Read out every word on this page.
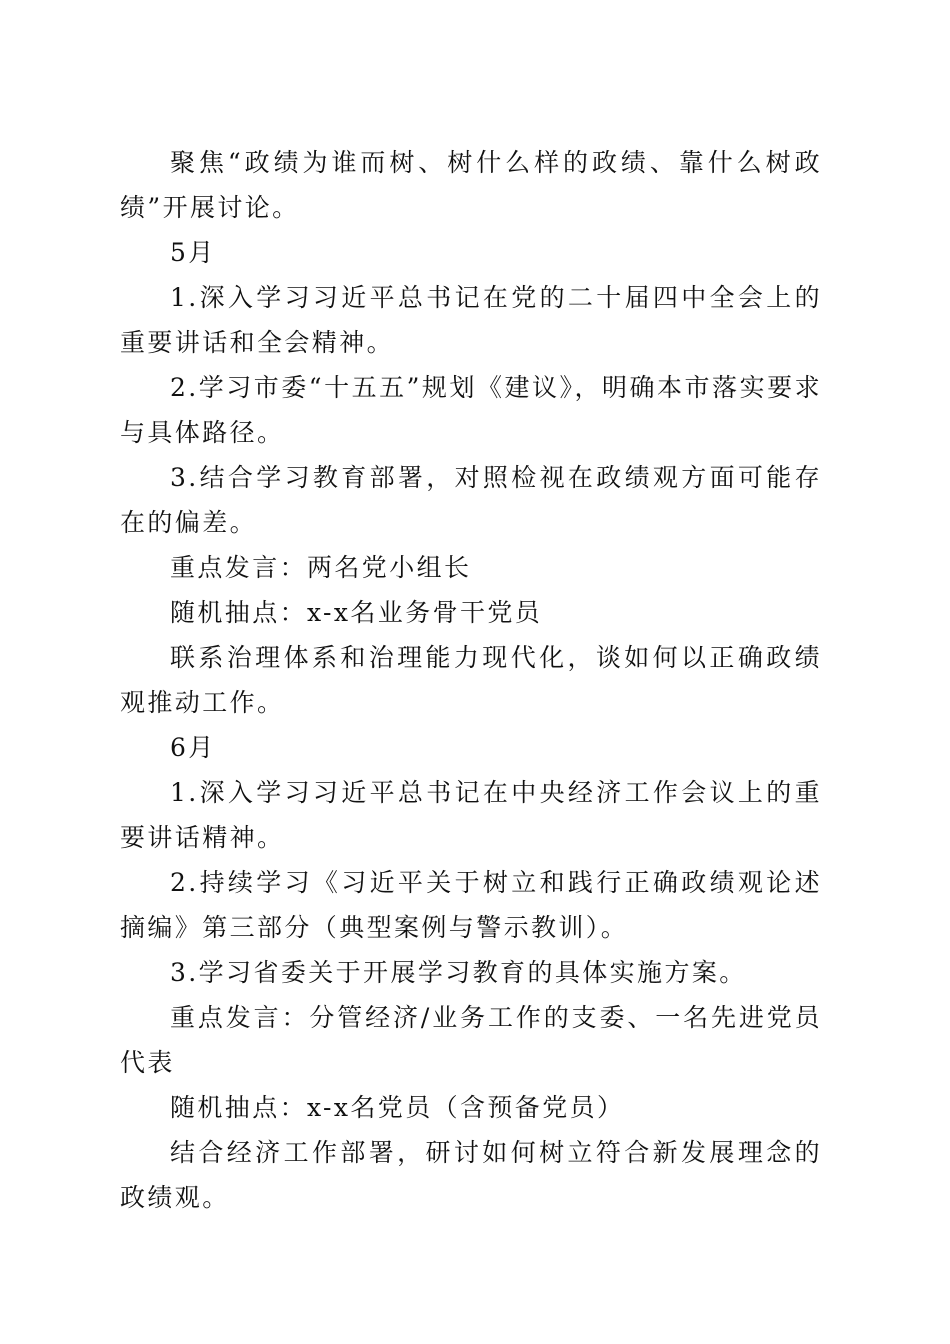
聚焦“政绩为谁而树、树什么样的政绩、靠什么树政绩”开展讨论。

5月

1.深入学习习近平总书记在党的二十届四中全会上的重要讲话和全会精神。

2.学习市委“十五五”规划《建议》，明确本市落实要求与具体路径。

3.结合学习教育部署，对照检视在政绩观方面可能存在的偏差。

重点发言：两名党小组长

随机抽点：x-x名业务骨干党员

联系治理体系和治理能力现代化，谈如何以正确政绩观推动工作。

6月

1.深入学习习近平总书记在中央经济工作会议上的重要讲话精神。

2.持续学习《习近平关于树立和践行正确政绩观论述摘编》第三部分（典型案例与警示教训）。

3.学习省委关于开展学习教育的具体实施方案。

重点发言：分管经济/业务工作的支委、一名先进党员代表

随机抽点：x-x名党员（含预备党员）

结合经济工作部署，研讨如何树立符合新发展理念的政绩观。
